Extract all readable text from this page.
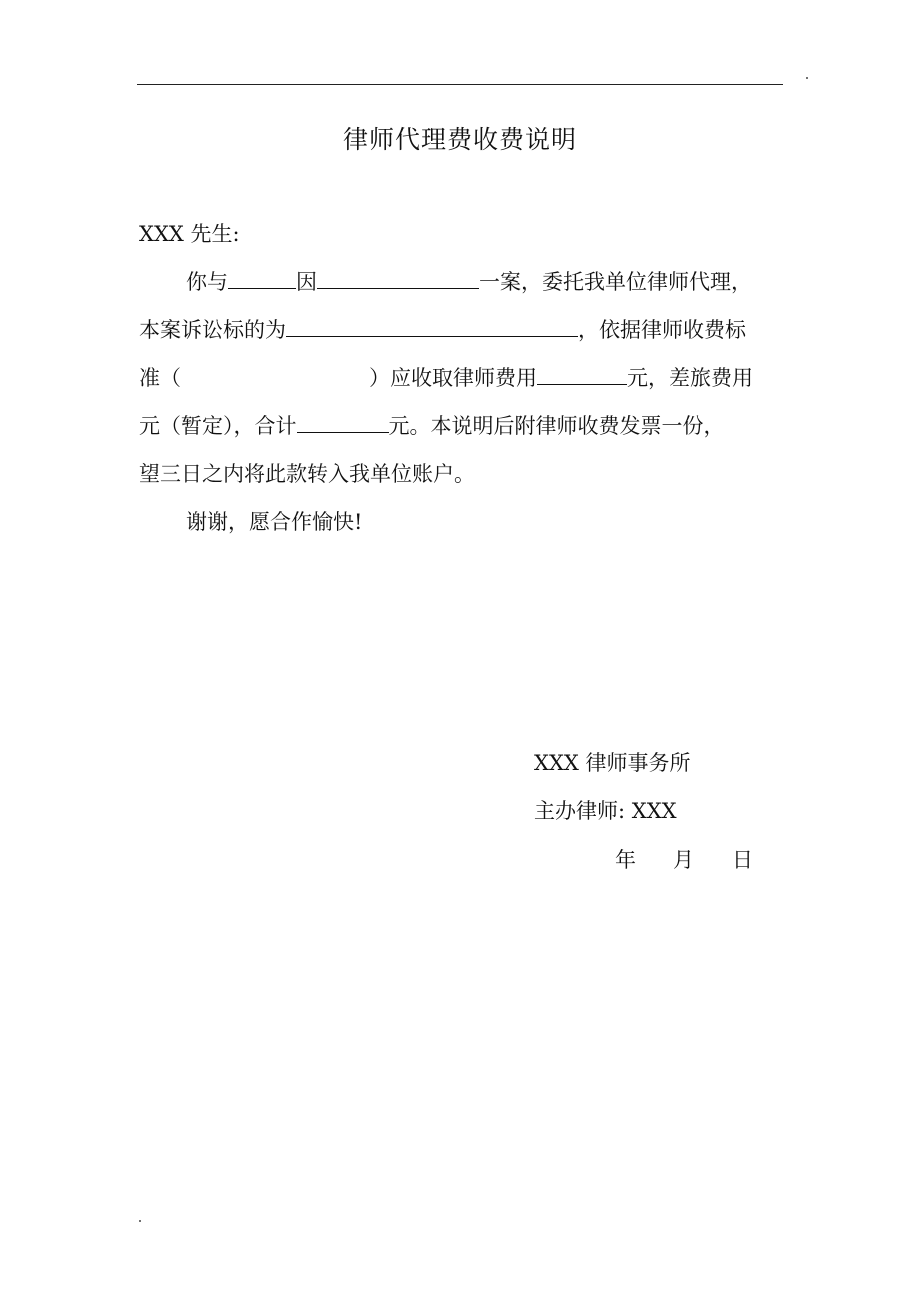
律师代理费收费说明
XXX 先生:
你与	因	一案，委托我单位律师代理，
本案诉讼标的为	，依据律师收费标
准（	）应收取律师费用	元，差旅费用
元（暂定），合计	元。本说明后附律师收费发票一份，
望三日之内将此款转入我单位账户。
谢谢，愿合作愉快!
XXX 律师事务所
主办律师: XXX
年 月 日
